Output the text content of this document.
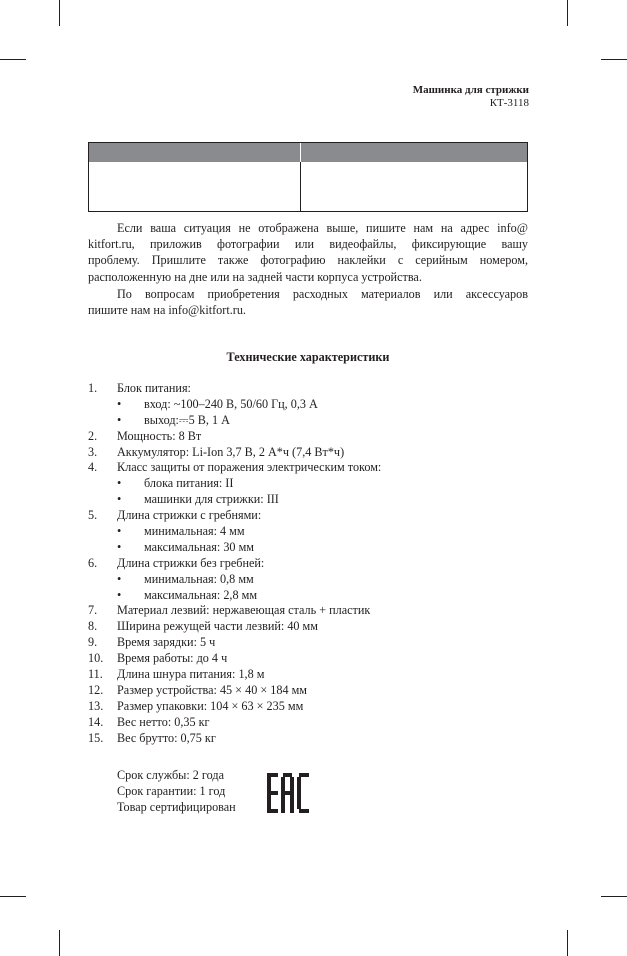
Машинка для стрижки
КТ-3118
Если ваша ситуация не отображена выше, пишите нам на адрес info@
kitfort.ru, приложив фотографии или видеофайлы, фиксирующие вашу
проблему. Пришлите также фотографию наклейки с серийным номером,
расположенную на дне или на задней части корпуса устройства.
По вопросам приобретения расходных материалов или аксессуаров
пишите нам на info@kitfort.ru.
Технические характеристики
1. Блок питания:
• вход: ~100–240 В, 50/60 Гц, 0,3 А
• выход:⎓5 В, 1 А
2. Мощность: 8 Вт
3. Аккумулятор: Li-Ion 3,7 В, 2 А*ч (7,4 Вт*ч)
4. Класс защиты от поражения электрическим током:
• блока питания: II
• машинки для стрижки: III
5. Длина стрижки с гребнями:
• минимальная: 4 мм
• максимальная: 30 мм
6. Длина стрижки без гребней:
• минимальная: 0,8 мм
• максимальная: 2,8 мм
7. Материал лезвий: нержавеющая сталь + пластик
8. Ширина режущей части лезвий: 40 мм
9. Время зарядки: 5 ч
10. Время работы: до 4 ч
11. Длина шнура питания: 1,8 м
12. Размер устройства: 45 × 40 × 184 мм
13. Размер упаковки: 104 × 63 × 235 мм
14. Вес нетто: 0,35 кг
15. Вес брутто: 0,75 кг
Срок службы: 2 года
Срок гарантии: 1 год
Товар сертифицирован
